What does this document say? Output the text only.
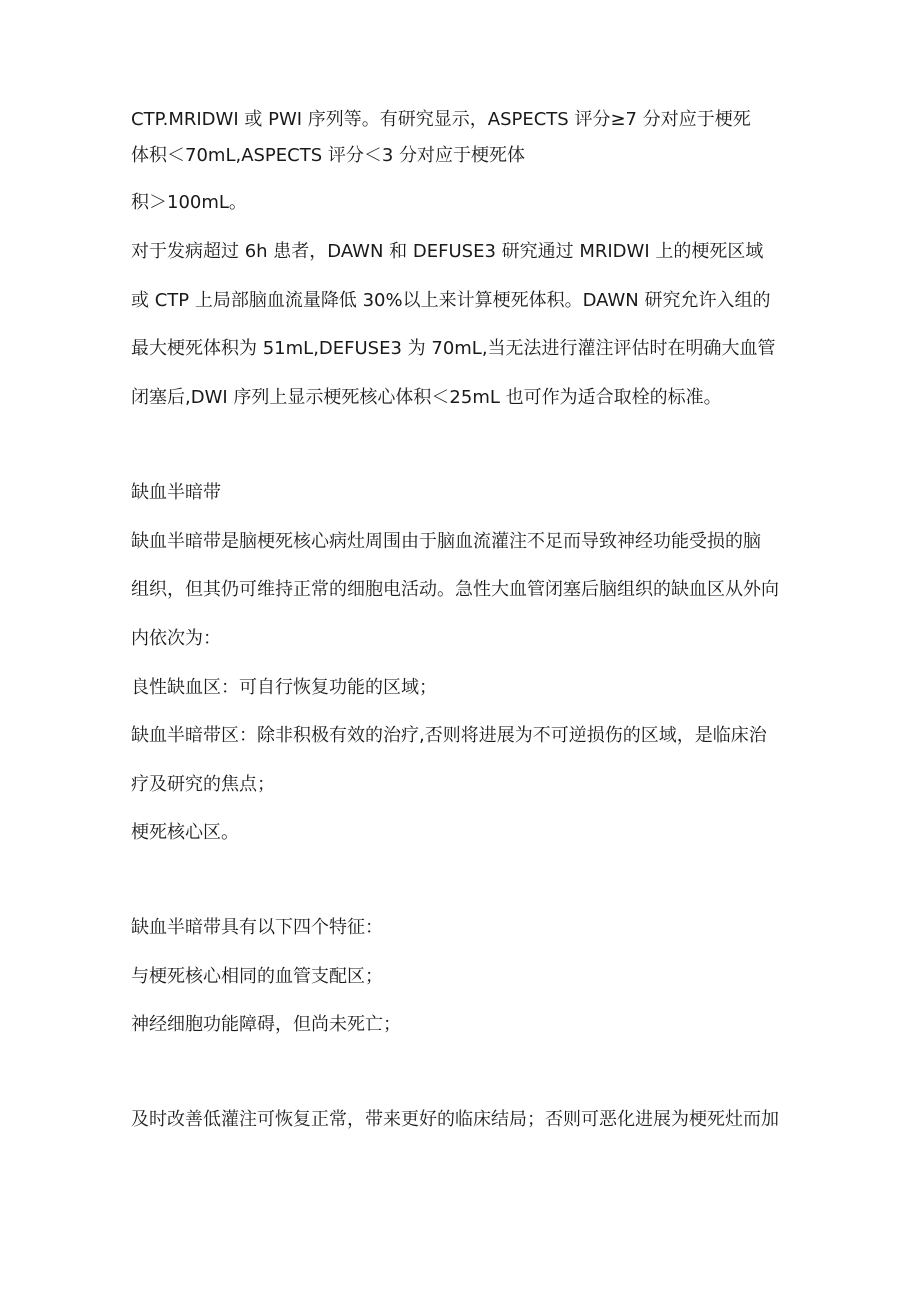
CTP.MRIDWI 或 PWI 序列等。有研究显示，ASPECTS 评分≥7 分对应于梗死
体积＜70mL,ASPECTS 评分＜3 分对应于梗死体
积＞100mL。
对于发病超过 6h 患者，DAWN 和 DEFUSE3 研究通过 MRIDWI 上的梗死区域
或 CTP 上局部脑血流量降低 30%以上来计算梗死体积。DAWN 研究允许入组的
最大梗死体积为 51mL,DEFUSE3 为 70mL,当无法进行灌注评估时在明确大血管
闭塞后,DWI 序列上显示梗死核心体积＜25mL 也可作为适合取栓的标准。
缺血半暗带
缺血半暗带是脑梗死核心病灶周围由于脑血流灌注不足而导致神经功能受损的脑
组织，但其仍可维持正常的细胞电活动。急性大血管闭塞后脑组织的缺血区从外向
内依次为：
良性缺血区：可自行恢复功能的区域；
缺血半暗带区：除非积极有效的治疗,否则将进展为不可逆损伤的区域，是临床治
疗及研究的焦点；
梗死核心区。
缺血半暗带具有以下四个特征：
与梗死核心相同的血管支配区；
神经细胞功能障碍，但尚未死亡；
及时改善低灌注可恢复正常，带来更好的临床结局；否则可恶化进展为梗死灶而加
